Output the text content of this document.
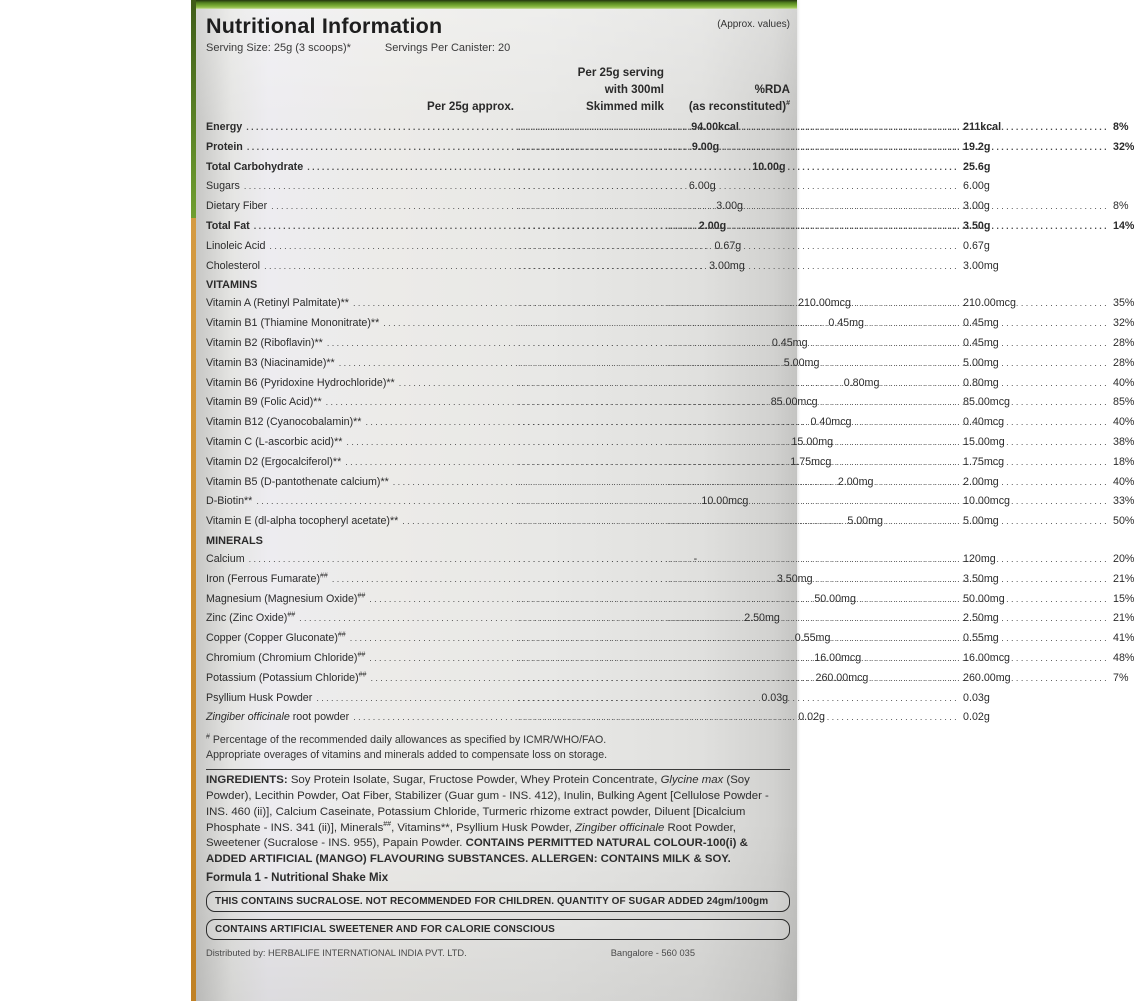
Nutritional Information	(Approx. values)
Serving Size: 25g (3 scoops)*	Servings Per Canister: 20
Per 25g approx.
Per 25g serving
with 300ml
Skimmed milk
%RDA
(as reconstituted)#
Energy .....	94.00kcal .....	211kcal .....	8%
Protein .....	9.00g .....	19.2g .....	32%
Total Carbohydrate .....	10.00g .....	25.6g
Sugars .....	6.00g .....	6.00g
Dietary Fiber .....	3.00g .....	3.00g .....	8%
Total Fat .....	2.00g .....	3.50g .....	14%
Linoleic Acid .....	0.67g .....	0.67g
Cholesterol .....	3.00mg .....	3.00mg
VITAMINS
Vitamin A (Retinyl Palmitate)** .....	210.00mcg .....	210.00mcg .....	35%
Vitamin B1 (Thiamine Mononitrate)** .....	0.45mg .....	0.45mg .....	32%
Vitamin B2 (Riboflavin)** .....	0.45mg .....	0.45mg .....	28%
Vitamin B3 (Niacinamide)** .....	5.00mg .....	5.00mg .....	28%
Vitamin B6 (Pyridoxine Hydrochloride)** .....	0.80mg .....	0.80mg .....	40%
Vitamin B9 (Folic Acid)** .....	85.00mcg .....	85.00mcg .....	85%
Vitamin B12 (Cyanocobalamin)** .....	0.40mcg .....	0.40mcg .....	40%
Vitamin C (L-ascorbic acid)** .....	15.00mg .....	15.00mg .....	38%
Vitamin D2 (Ergocalciferol)** .....	1.75mcg .....	1.75mcg .....	18%
Vitamin B5 (D-pantothenate calcium)** .....	2.00mg .....	2.00mg .....	40%
D-Biotin** .....	10.00mcg .....	10.00mcg .....	33%
Vitamin E (dl-alpha tocopheryl acetate)** .....	5.00mg .....	5.00mg .....	50%
MINERALS
Calcium .....	- .....	120mg .....	20%
Iron (Ferrous Fumarate)## .....	3.50mg .....	3.50mg .....	21%
Magnesium (Magnesium Oxide)## .....	50.00mg .....	50.00mg .....	15%
Zinc (Zinc Oxide)## .....	2.50mg .....	2.50mg .....	21%
Copper (Copper Gluconate)## .....	0.55mg .....	0.55mg .....	41%
Chromium (Chromium Chloride)## .....	16.00mcg .....	16.00mcg .....	48%
Potassium (Potassium Chloride)## .....	260.00mcg .....	260.00mg .....	7%
Psyllium Husk Powder .....	0.03g .....	0.03g
Zingiber officinale root powder .....	0.02g .....	0.02g
# Percentage of the recommended daily allowances as specified by ICMR/WHO/FAO.
Appropriate overages of vitamins and minerals added to compensate loss on storage.

INGREDIENTS: Soy Protein Isolate, Sugar, Fructose Powder, Whey Protein Concentrate, Glycine max (Soy Powder), Lecithin Powder, Oat Fiber, Stabilizer (Guar gum - INS. 412), Inulin, Bulking Agent [Cellulose Powder - INS. 460 (ii)], Calcium Caseinate, Potassium Chloride, Turmeric rhizome extract powder, Diluent [Dicalcium Phosphate - INS. 341 (ii)], Minerals##, Vitamins**, Psyllium Husk Powder, Zingiber officinale Root Powder, Sweetener (Sucralose - INS. 955), Papain Powder. CONTAINS PERMITTED NATURAL COLOUR-100(i) & ADDED ARTIFICIAL (MANGO) FLAVOURING SUBSTANCES. ALLERGEN: CONTAINS MILK & SOY.

Formula 1 - Nutritional Shake Mix
THIS CONTAINS SUCRALOSE. NOT RECOMMENDED FOR CHILDREN. QUANTITY OF SUGAR ADDED 24gm/100gm
CONTAINS ARTIFICIAL SWEETENER AND FOR CALORIE CONSCIOUS
Distributed by: HERBALIFE INTERNATIONAL INDIA PVT. LTD.	Bangalore - 560 035
